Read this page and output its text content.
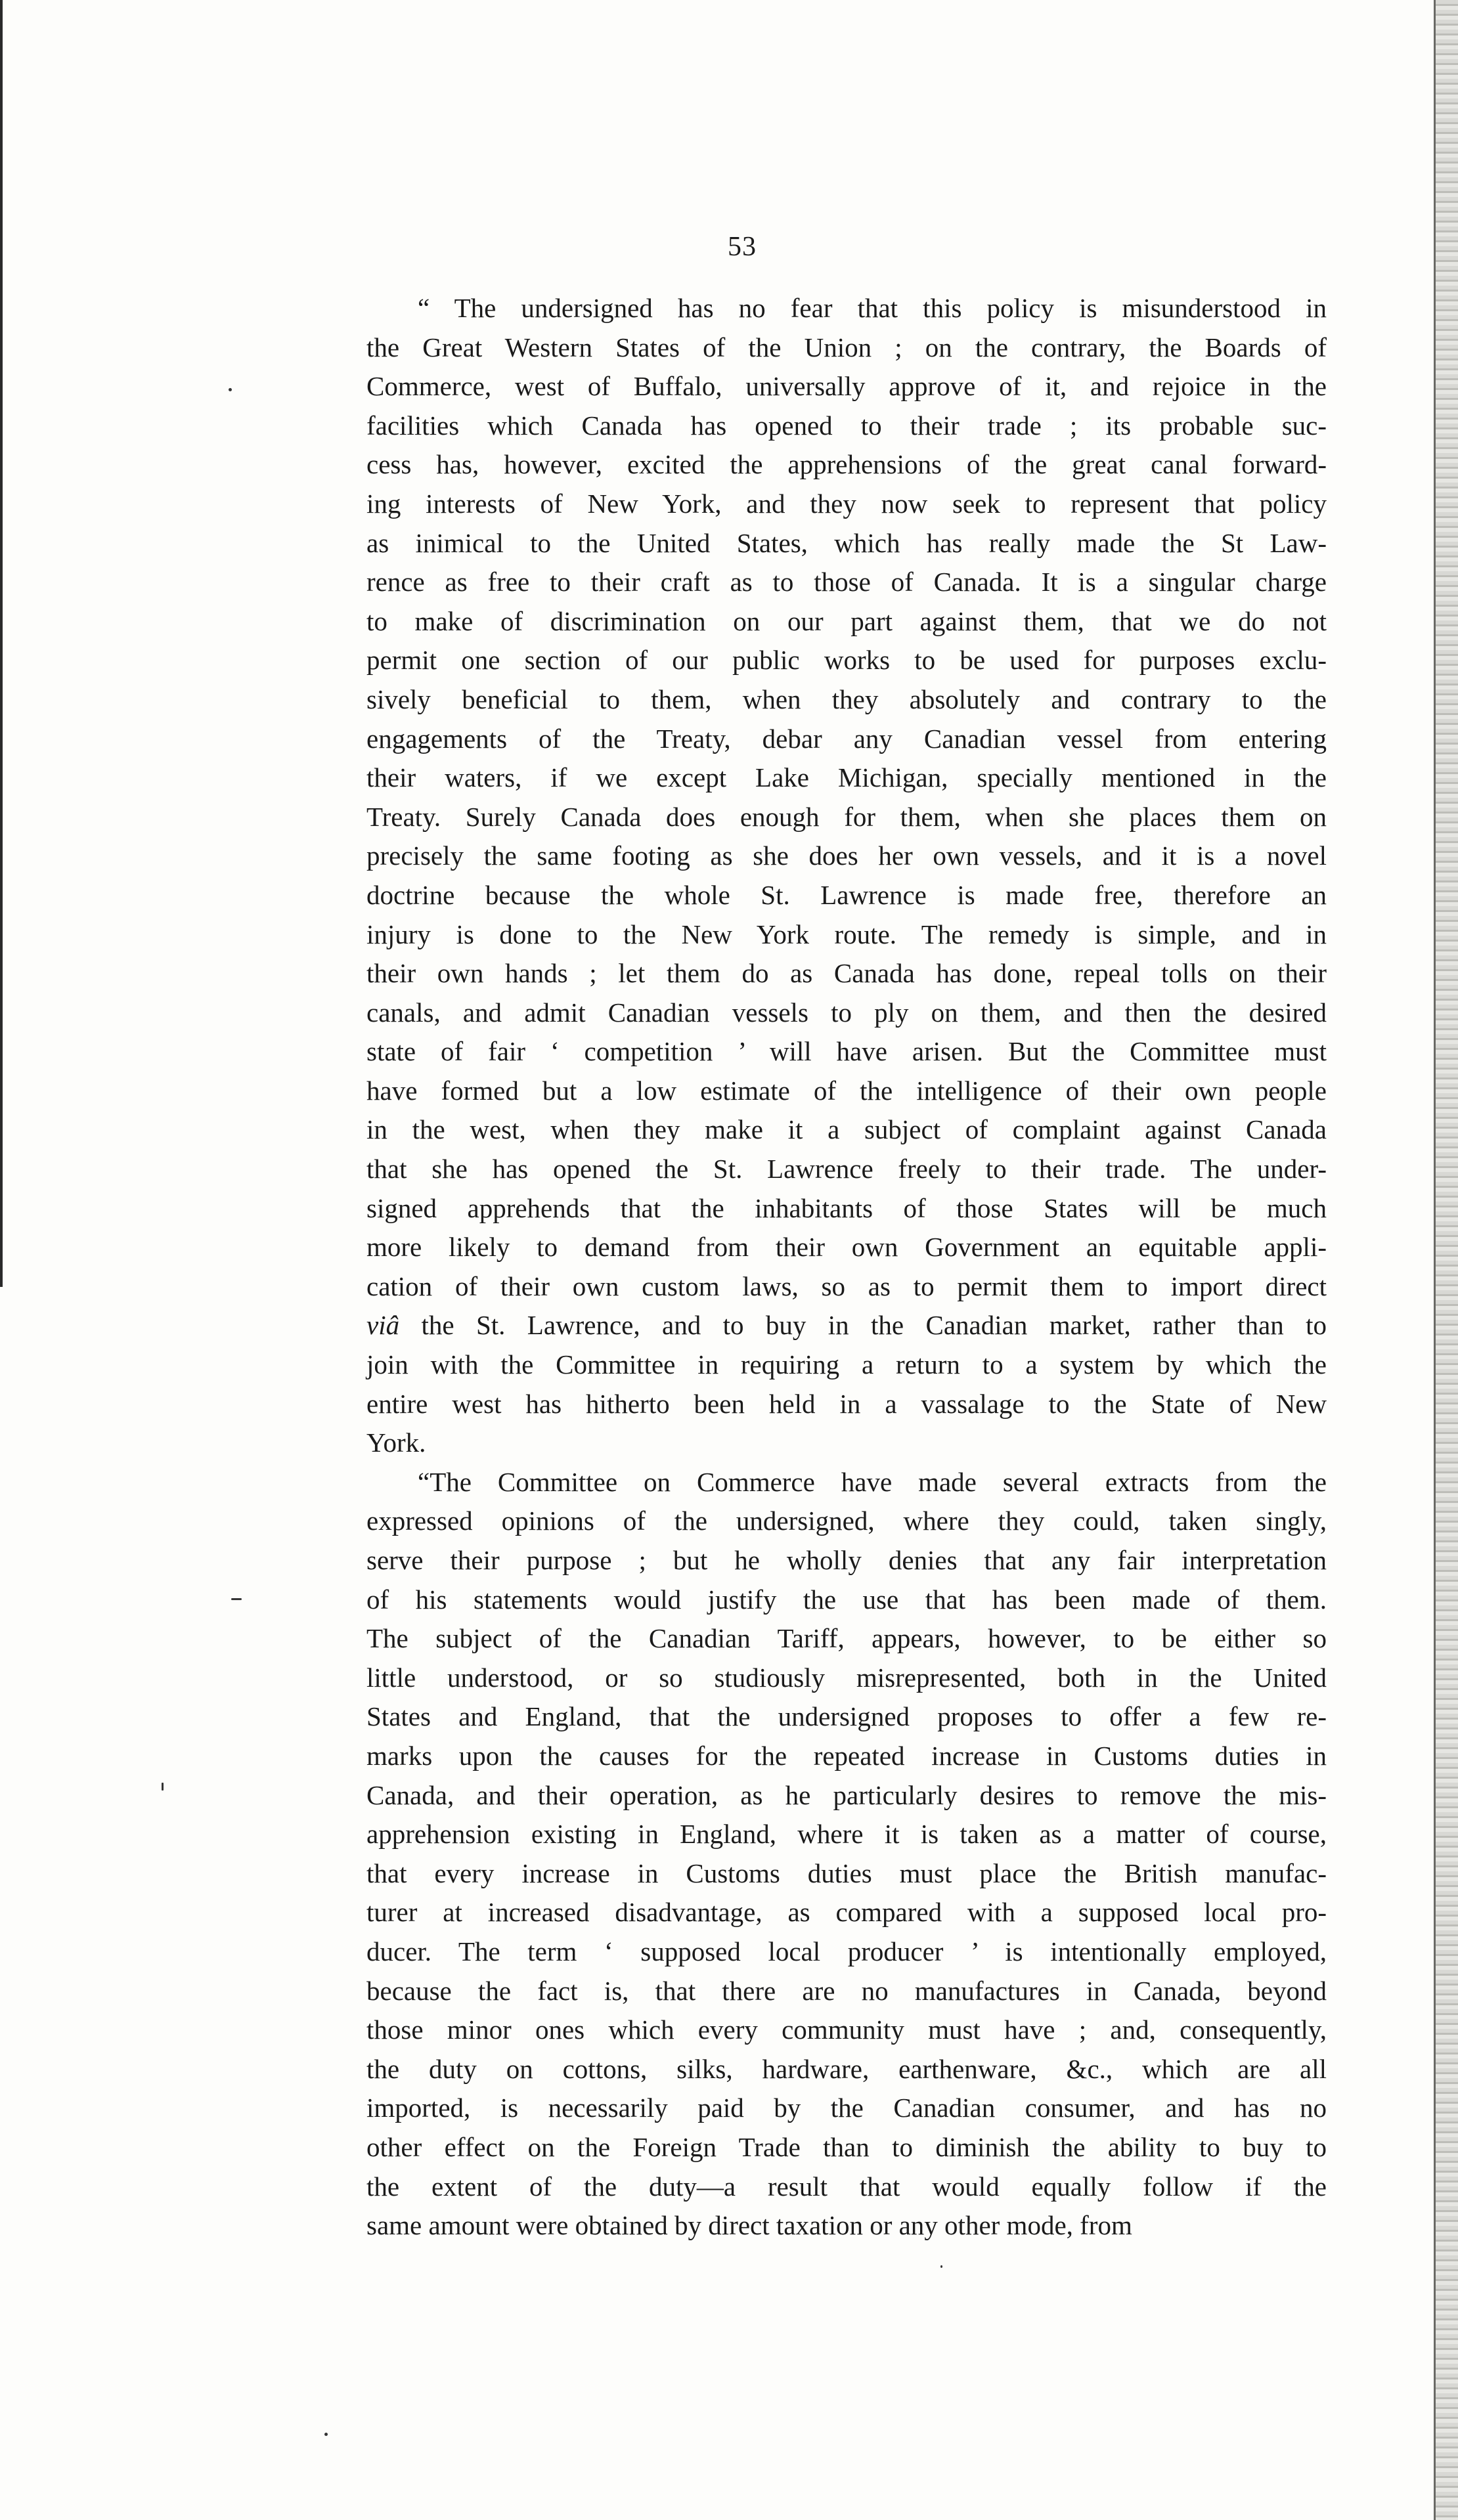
53
“ The undersigned has no fear that this policy is misunderstood in
the Great Western States of the Union ; on the contrary, the Boards of
Commerce, west of Buffalo, universally approve of it, and rejoice in the
facilities which Canada has opened to their trade ; its probable suc-
cess has, however, excited the apprehensions of the great canal forward-
ing interests of New York, and they now seek to represent that policy
as inimical to the United States, which has really made the St Law-
rence as free to their craft as to those of Canada. It is a singular charge
to make of discrimination on our part against them, that we do not
permit one section of our public works to be used for purposes exclu-
sively beneficial to them, when they absolutely and contrary to the
engagements of the Treaty, debar any Canadian vessel from entering
their waters, if we except Lake Michigan, specially mentioned in the
Treaty. Surely Canada does enough for them, when she places them on
precisely the same footing as she does her own vessels, and it is a novel
doctrine because the whole St. Lawrence is made free, therefore an
injury is done to the New York route. The remedy is simple, and in
their own hands ; let them do as Canada has done, repeal tolls on their
canals, and admit Canadian vessels to ply on them, and then the desired
state of fair ‘ competition ’ will have arisen. But the Committee must
have formed but a low estimate of the intelligence of their own people
in the west, when they make it a subject of complaint against Canada
that she has opened the St. Lawrence freely to their trade. The under-
signed apprehends that the inhabitants of those States will be much
more likely to demand from their own Government an equitable appli-
cation of their own custom laws, so as to permit them to import direct
viâ the St. Lawrence, and to buy in the Canadian market, rather than to
join with the Committee in requiring a return to a system by which the
entire west has hitherto been held in a vassalage to the State of New
York.
“The Committee on Commerce have made several extracts from the
expressed opinions of the undersigned, where they could, taken singly,
serve their purpose ; but he wholly denies that any fair interpretation
of his statements would justify the use that has been made of them.
The subject of the Canadian Tariff, appears, however, to be either so
little understood, or so studiously misrepresented, both in the United
States and England, that the undersigned proposes to offer a few re-
marks upon the causes for the repeated increase in Customs duties in
Canada, and their operation, as he particularly desires to remove the mis-
apprehension existing in England, where it is taken as a matter of course,
that every increase in Customs duties must place the British manufac-
turer at increased disadvantage, as compared with a supposed local pro-
ducer. The term ‘ supposed local producer ’ is intentionally employed,
because the fact is, that there are no manufactures in Canada, beyond
those minor ones which every community must have ; and, consequently,
the duty on cottons, silks, hardware, earthenware, &c., which are all
imported, is necessarily paid by the Canadian consumer, and has no
other effect on the Foreign Trade than to diminish the ability to buy to
the extent of the duty—a result that would equally follow if the
same amount were obtained by direct taxation or any other mode, from
